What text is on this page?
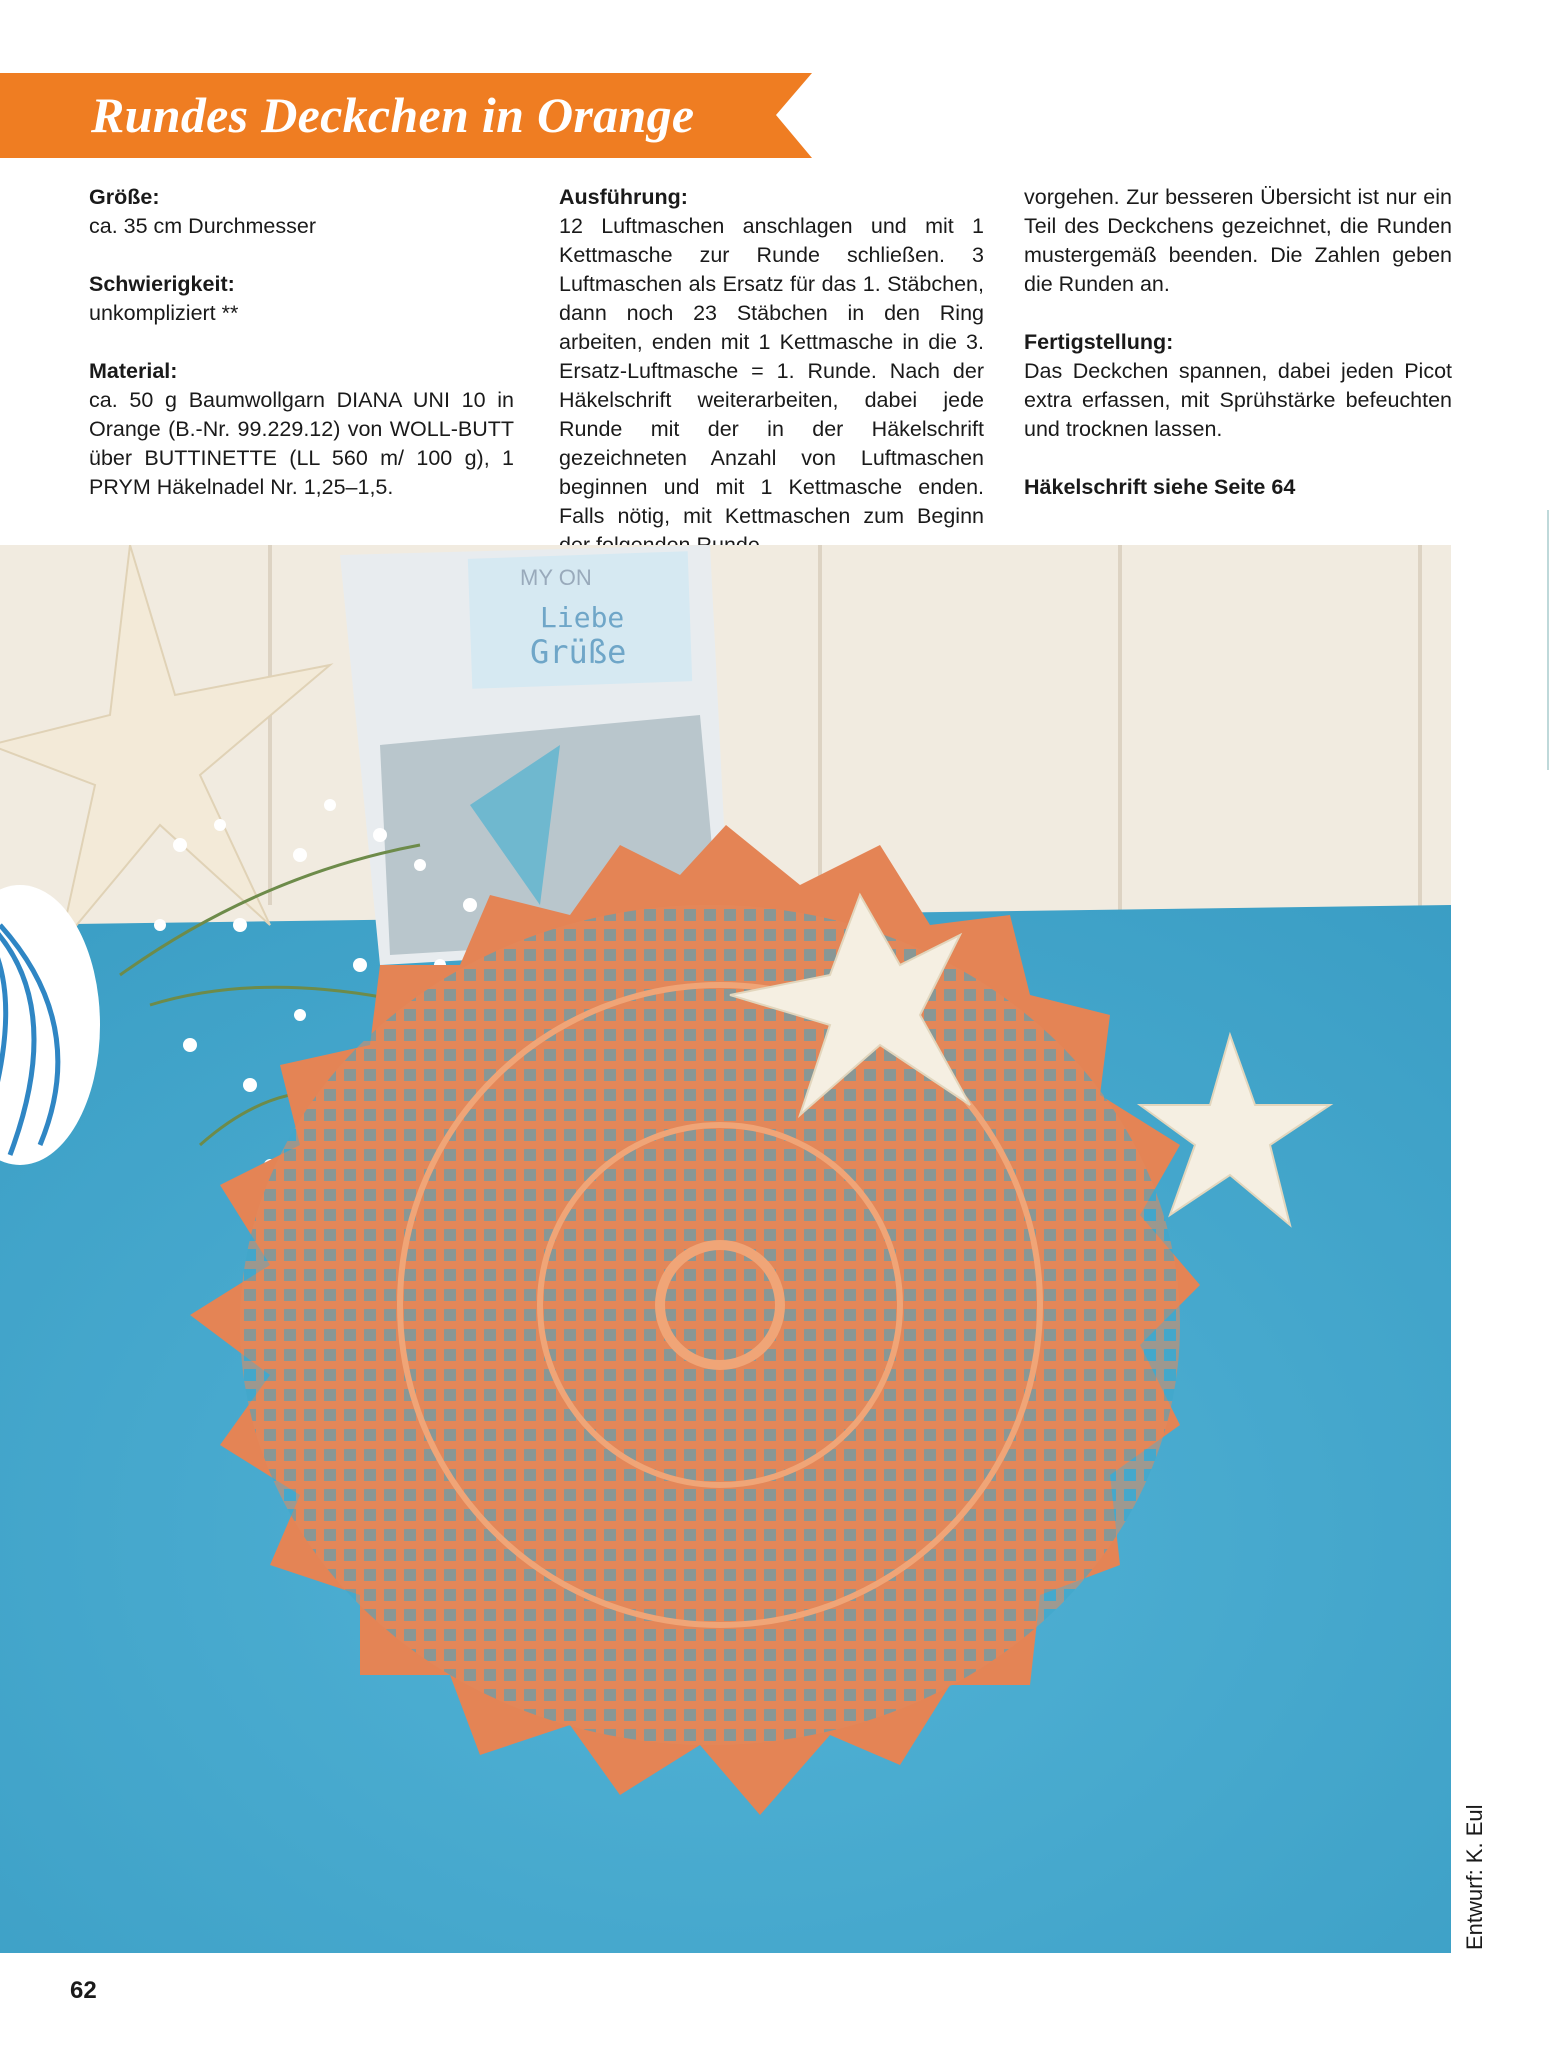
Rundes Deckchen in Orange

Größe:

ca. 35 cm Durchmesser

Schwierigkeit:

unkompliziert **

Material:

ca. 50 g Baumwollgarn DIANA UNI 10 in Orange (B.-Nr. 99.229.12) von WOLL-BUTT über BUTTINETTE (LL 560 m/ 100 g), 1 PRYM Häkelnadel Nr. 1,25–1,5.

Ausführung:

12 Luftmaschen anschlagen und mit 1 Kettmasche zur Runde schließen. 3 Luftmaschen als Ersatz für das 1. Stäbchen, dann noch 23 Stäbchen in den Ring arbeiten, enden mit 1 Kettmasche in die 3. Ersatz-Luftmasche = 1. Runde. Nach der Häkelschrift weiterarbeiten, dabei jede Runde mit der in der Häkelschrift gezeichneten Anzahl von Luftmaschen beginnen und mit 1 Kettmasche enden. Falls nötig, mit Kettmaschen zum Beginn

vorgehen. Zur besseren Übersicht ist nur ein Teil des Deckchens gezeichnet, die Runden mustergemäß beenden. Die Zahlen geben die Runden an.

Fertigstellung:

Das Deckchen spannen, dabei jeden Picot extra erfassen, mit Sprühstärke befeuchten und trocknen lassen.

Häkelschrift siehe Seite 64

MY ON
Liebe
Grüße
Entwurf: K. Eul
62
